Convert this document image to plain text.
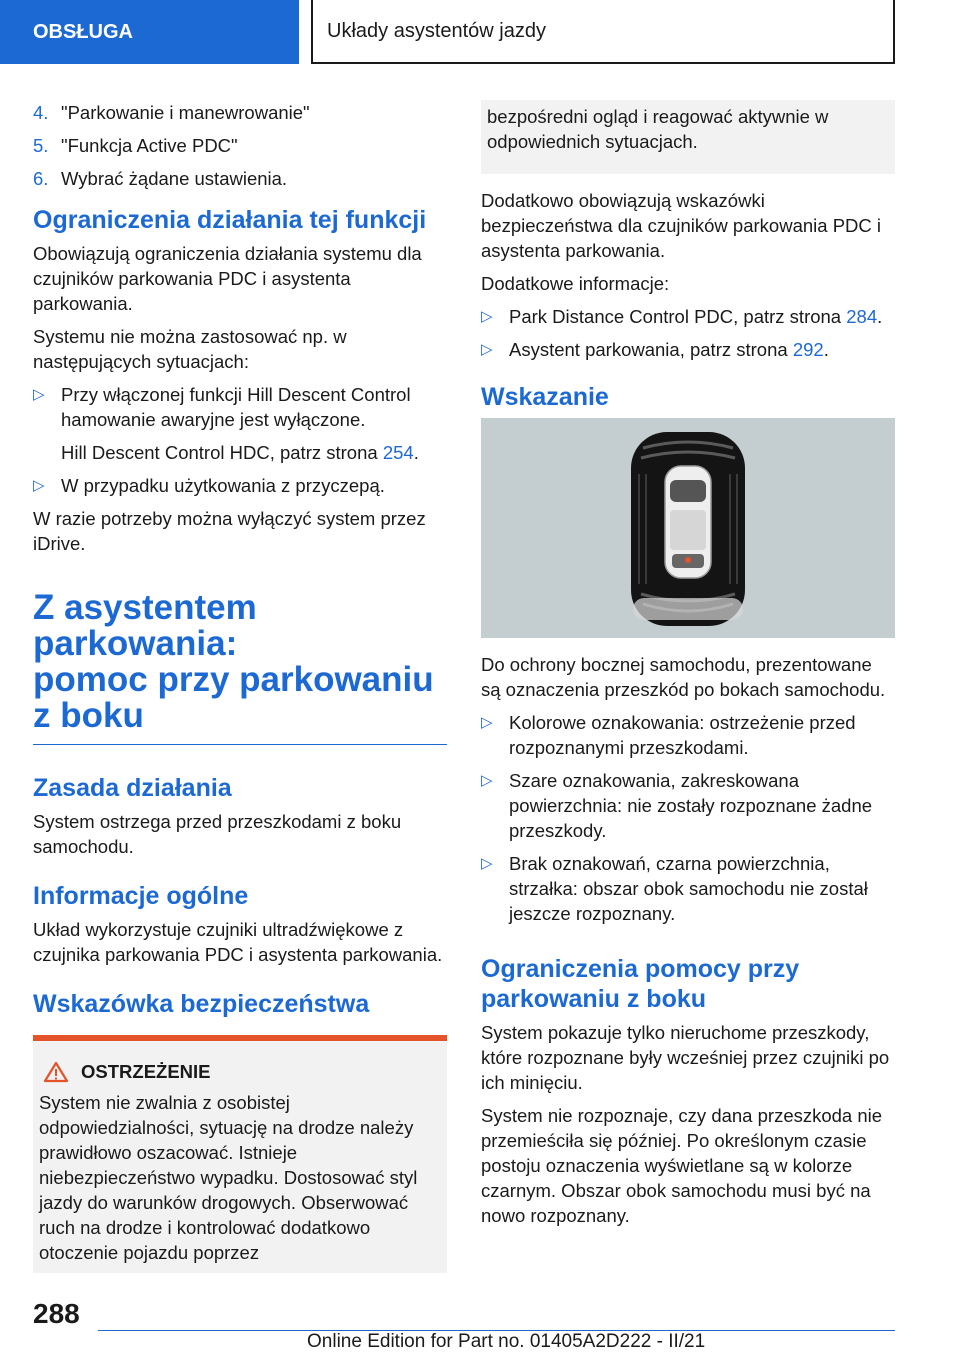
OBSŁUGA	Układy asystentów jazdy
4. "Parkowanie i manewrowanie"
5. "Funkcja Active PDC"
6. Wybrać żądane ustawienia.
Ograniczenia działania tej funkcji

Obowiązują ograniczenia działania systemu dla czujników parkowania PDC i asystenta parkowania.

Systemu nie można zastosować np. w następujących sytuacjach:

▷ Przy włączonej funkcji Hill Descent Control hamowanie awaryjne jest wyłączone.
Hill Descent Control HDC, patrz strona 254.
▷ W przypadku użytkowania z przyczepą.

W razie potrzeby można wyłączyć system przez iDrive.

Z asystentem parkowania:
pomoc przy parkowaniu
z boku
Zasada działania

System ostrzega przed przeszkodami z boku samochodu.

Informacje ogólne

Układ wykorzystuje czujniki ultradźwiękowe z czujnika parkowania PDC i asystenta parkowania.

Wskazówka bezpieczeństwa
OSTRZEŻENIE
System nie zwalnia z osobistej odpowiedzialności, sytuację na drodze należy prawidłowo oszacować. Istnieje niebezpieczeństwo wypadku. Dostosować styl jazdy do warunków drogowych. Obserwować ruch na drodze i kontrolować dodatkowo otoczenie pojazdu poprzez
bezpośredni ogląd i reagować aktywnie w odpowiednich sytuacjach.

Dodatkowo obowiązują wskazówki bezpieczeństwa dla czujników parkowania PDC i asystenta parkowania.

Dodatkowe informacje:

▷ Park Distance Control PDC, patrz strona 284.
▷ Asystent parkowania, patrz strona 292.
Wskazanie

Do ochrony bocznej samochodu, prezentowane są oznaczenia przeszkód po bokach samochodu.

▷ Kolorowe oznakowania: ostrzeżenie przed rozpoznanymi przeszkodami.
▷ Szare oznakowania, zakreskowana powierzchnia: nie zostały rozpoznane żadne przeszkody.
▷ Brak oznakowań, czarna powierzchnia, strzałka: obszar obok samochodu nie został jeszcze rozpoznany.
Ograniczenia pomocy przy parkowaniu z boku

System pokazuje tylko nieruchome przeszkody, które rozpoznane były wcześniej przez czujniki po ich minięciu.

System nie rozpoznaje, czy dana przeszkoda nie przemieściła się później. Po określonym czasie postoju oznaczenia wyświetlane są w kolorze czarnym. Obszar obok samochodu musi być na nowo rozpoznany.

288
Online Edition for Part no. 01405A2D222 - II/21
